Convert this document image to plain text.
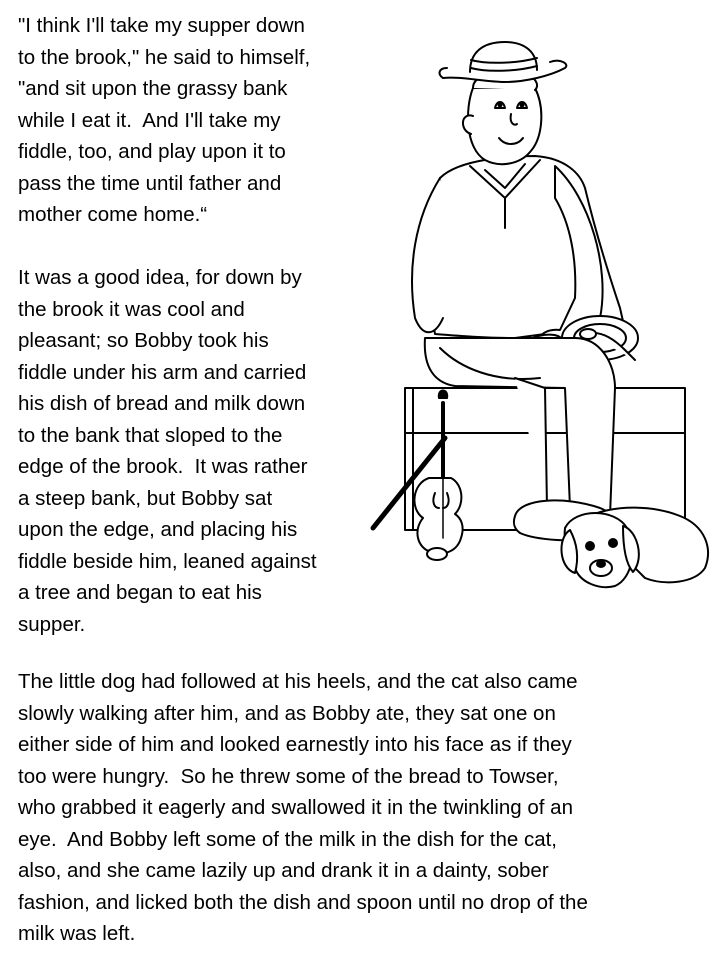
"I think I'll take my supper down
to the brook," he said to himself,
"and sit upon the grassy bank
while I eat it.  And I'll take my
fiddle, too, and play upon it to
pass the time until father and
mother come home.“
It was a good idea, for down by
the brook it was cool and
pleasant; so Bobby took his
fiddle under his arm and carried
his dish of bread and milk down
to the bank that sloped to the
edge of the brook.  It was rather
a steep bank, but Bobby sat
upon the edge, and placing his
fiddle beside him, leaned against
a tree and began to eat his
supper.
The little dog had followed at his heels, and the cat also came
slowly walking after him, and as Bobby ate, they sat one on
either side of him and looked earnestly into his face as if they
too were hungry.  So he threw some of the bread to Towser,
who grabbed it eagerly and swallowed it in the twinkling of an
eye.  And Bobby left some of the milk in the dish for the cat,
also, and she came lazily up and drank it in a dainty, sober
fashion, and licked both the dish and spoon until no drop of the
milk was left.
